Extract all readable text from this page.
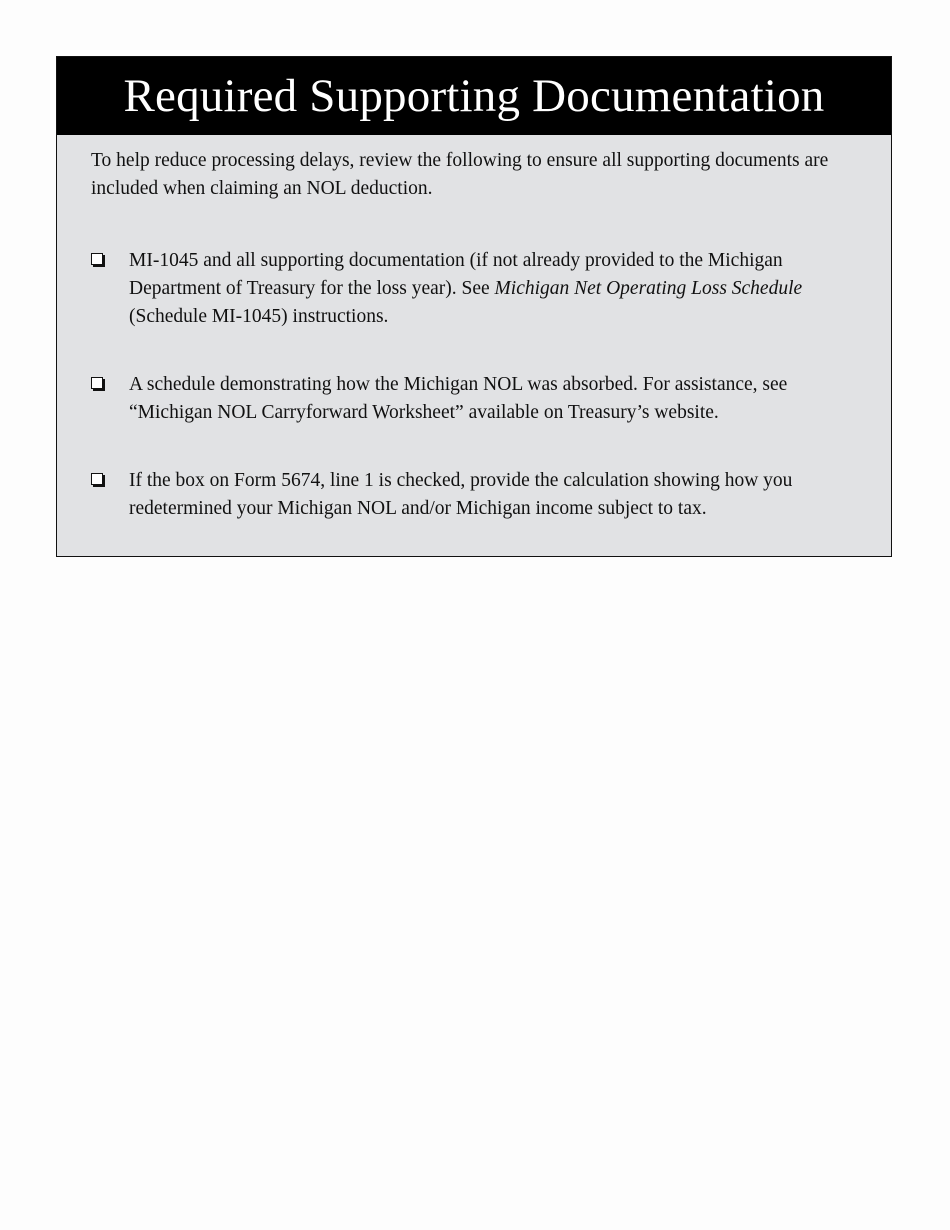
Required Supporting Documentation
To help reduce processing delays, review the following to ensure all supporting documents are included when claiming an NOL deduction.
MI-1045 and all supporting documentation (if not already provided to the Michigan Department of Treasury for the loss year). See Michigan Net Operating Loss Schedule (Schedule MI-1045) instructions.
A schedule demonstrating how the Michigan NOL was absorbed. For assistance, see “Michigan NOL Carryforward Worksheet” available on Treasury’s website.
If the box on Form 5674, line 1 is checked, provide the calculation showing how you redetermined your Michigan NOL and/or Michigan income subject to tax.
